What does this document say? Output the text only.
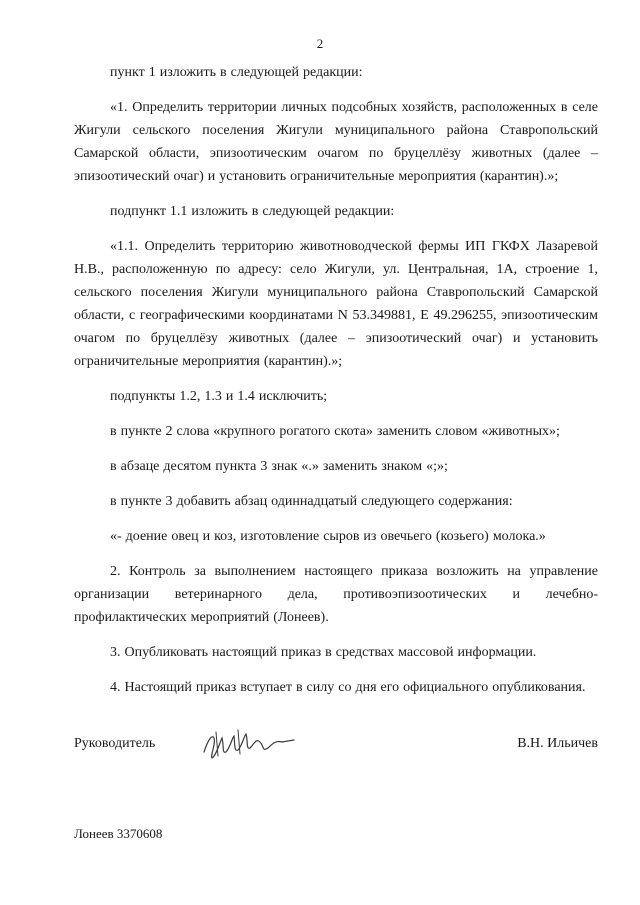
2

пункт 1 изложить в следующей редакции:

«1. Определить территории личных подсобных хозяйств, расположенных в селе Жигули сельского поселения Жигули муниципального района Ставропольский Самарской области, эпизоотическим очагом по бруцеллёзу животных (далее – эпизоотический очаг) и установить ограничительные мероприятия (карантин).»;

подпункт 1.1 изложить в следующей редакции:

«1.1. Определить территорию животноводческой фермы ИП ГКФХ Лазаревой Н.В., расположенную по адресу: село Жигули, ул. Центральная, 1А, строение 1, сельского поселения Жигули муниципального района Ставропольский Самарской области, с географическими координатами N 53.349881, E 49.296255, эпизоотическим очагом по бруцеллёзу животных (далее – эпизоотический очаг) и установить ограничительные мероприятия (карантин).»;

подпункты 1.2, 1.3 и 1.4 исключить;

в пункте 2 слова «крупного рогатого скота» заменить словом «животных»;

в абзаце десятом пункта 3 знак «.» заменить знаком «;»;

в пункте 3 добавить абзац одиннадцатый следующего содержания:

«- доение овец и коз, изготовление сыров из овечьего (козьего) молока.»

2. Контроль за выполнением настоящего приказа возложить на управление организации ветеринарного дела, противоэпизоотических и лечебно-профилактических мероприятий (Лонеев).

3. Опубликовать настоящий приказ в средствах массовой информации.

4. Настоящий приказ вступает в силу со дня его официального опубликования.

Руководитель	В.Н. Ильичев
Лонеев 3370608
